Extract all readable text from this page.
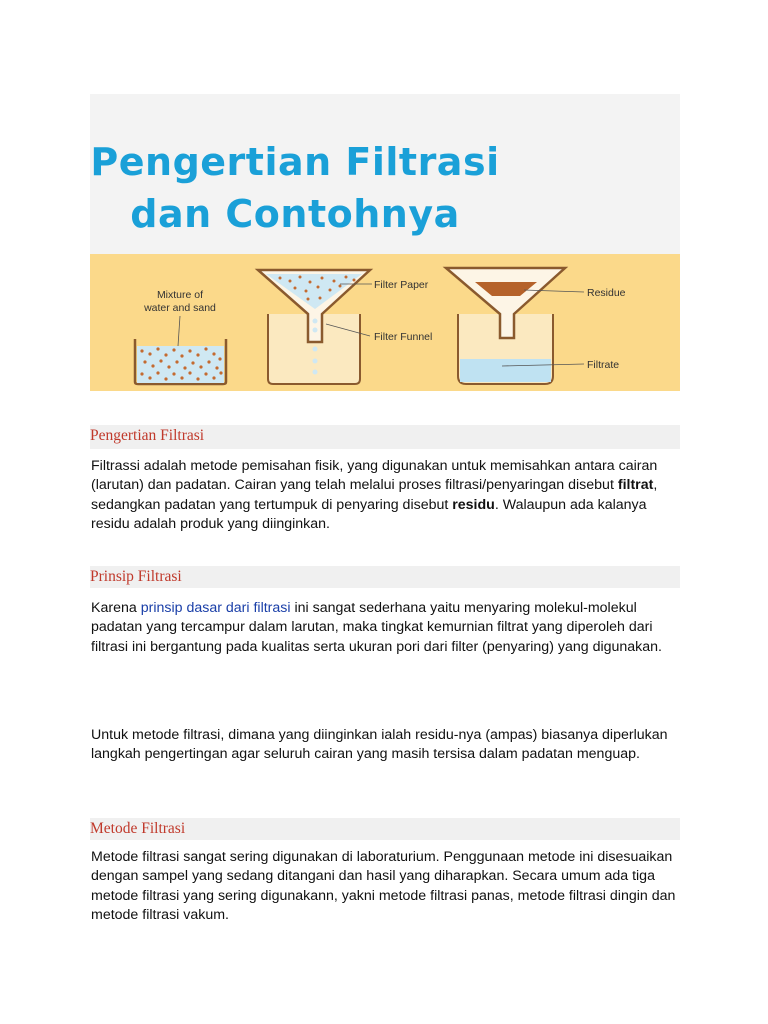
Mixture of
water and sand
Filter Paper
Filter Funnel
Residue
Filtrate
Pengertian Filtrasi
dan Contohnya
Pengertian Filtrasi
Filtrassi adalah metode pemisahan fisik, yang digunakan untuk memisahkan antara cairan (larutan) dan padatan. Cairan yang telah melalui proses filtrasi/penyaringan disebut filtrat, sedangkan padatan yang tertumpuk di penyaring disebut residu. Walaupun ada kalanya residu adalah produk yang diinginkan.
Prinsip Filtrasi
Karena prinsip dasar dari filtrasi ini sangat sederhana yaitu menyaring molekul-molekul padatan yang tercampur dalam larutan, maka tingkat kemurnian filtrat yang diperoleh dari filtrasi ini bergantung pada kualitas serta ukuran pori dari filter (penyaring) yang digunakan.
Untuk metode filtrasi, dimana yang diinginkan ialah residu-nya (ampas) biasanya diperlukan langkah pengertingan agar seluruh cairan yang masih tersisa dalam padatan menguap.
Metode Filtrasi
Metode filtrasi sangat sering digunakan di laboraturium. Penggunaan metode ini disesuaikan dengan sampel yang sedang ditangani dan hasil yang diharapkan. Secara umum ada tiga metode filtrasi yang sering digunakann, yakni metode filtrasi panas, metode filtrasi dingin dan metode filtrasi vakum.
